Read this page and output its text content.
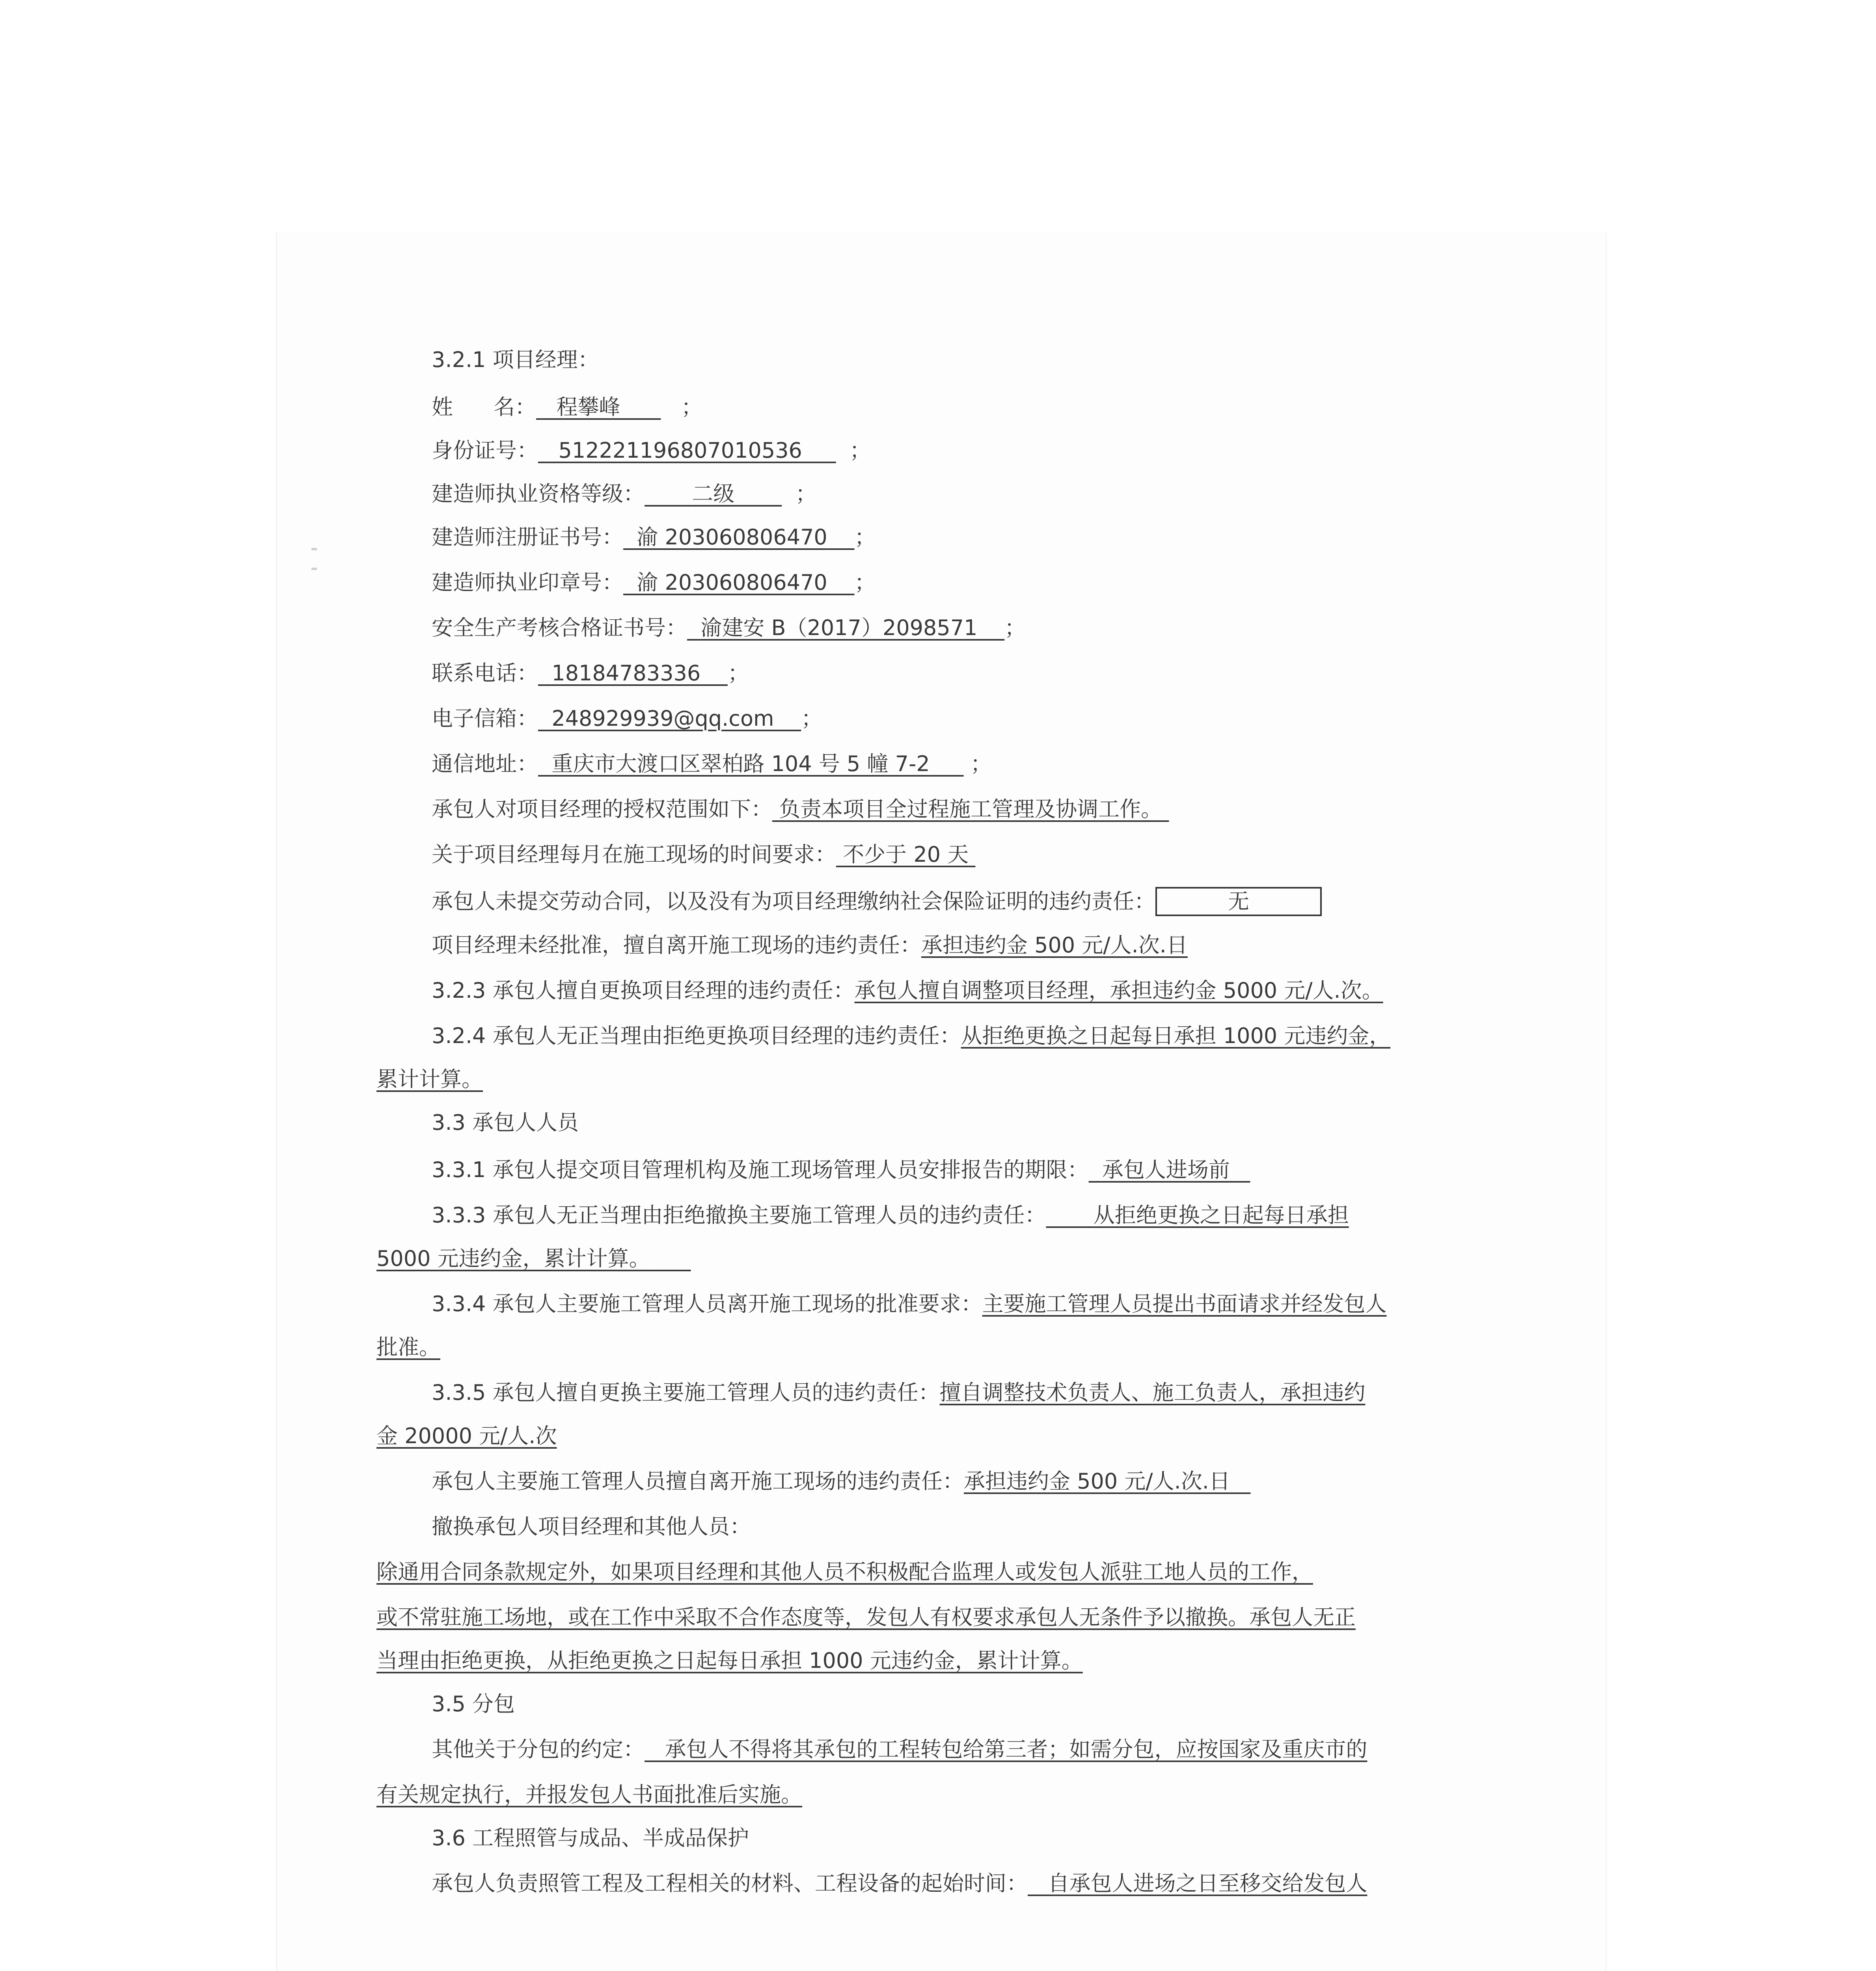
3.2.1 项目经理：
姓      名： 程攀峰	；
身份证号： 512221196807010536 ；
建造师执业资格等级： 二级	；
建造师注册证书号： 渝 203060806470 ；
建造师执业印章号： 渝 203060806470 ；
安全生产考核合格证书号： 渝建安 B（2017）2098571 ；
联系电话： 18184783336 ；
电子信箱： 248929939@qq.com ；
通信地址： 重庆市大渡口区翠柏路 104 号 5 幢 7-2 ；
承包人对项目经理的授权范围如下： 负责本项目全过程施工管理及协调工作。
关于项目经理每月在施工现场的时间要求： 不少于 20 天
承包人未提交劳动合同，以及没有为项目经理缴纳社会保险证明的违约责任：	无
项目经理未经批准，擅自离开施工现场的违约责任：承担违约金 500 元/人.次.日
3.2.3 承包人擅自更换项目经理的违约责任：承包人擅自调整项目经理，承担违约金 5000 元/人.次。
3.2.4 承包人无正当理由拒绝更换项目经理的违约责任：从拒绝更换之日起每日承担 1000 元违约金，
累计计算。
3.3 承包人人员
3.3.1 承包人提交项目管理机构及施工现场管理人员安排报告的期限： 承包人进场前
3.3.3 承包人无正当理由拒绝撤换主要施工管理人员的违约责任： 从拒绝更换之日起每日承担
5000 元违约金，累计计算。
3.3.4 承包人主要施工管理人员离开施工现场的批准要求：主要施工管理人员提出书面请求并经发包人
批准。
3.3.5 承包人擅自更换主要施工管理人员的违约责任：擅自调整技术负责人、施工负责人，承担违约
金 20000 元/人.次
承包人主要施工管理人员擅自离开施工现场的违约责任：承担违约金 500 元/人.次.日
撤换承包人项目经理和其他人员：
除通用合同条款规定外，如果项目经理和其他人员不积极配合监理人或发包人派驻工地人员的工作，
或不常驻施工场地，或在工作中采取不合作态度等，发包人有权要求承包人无条件予以撤换。承包人无正
当理由拒绝更换，从拒绝更换之日起每日承担 1000 元违约金，累计计算。
3.5 分包
其他关于分包的约定： 承包人不得将其承包的工程转包给第三者；如需分包，应按国家及重庆市的
有关规定执行，并报发包人书面批准后实施。
3.6 工程照管与成品、半成品保护
承包人负责照管工程及工程相关的材料、工程设备的起始时间： 自承包人进场之日至移交给发包人
